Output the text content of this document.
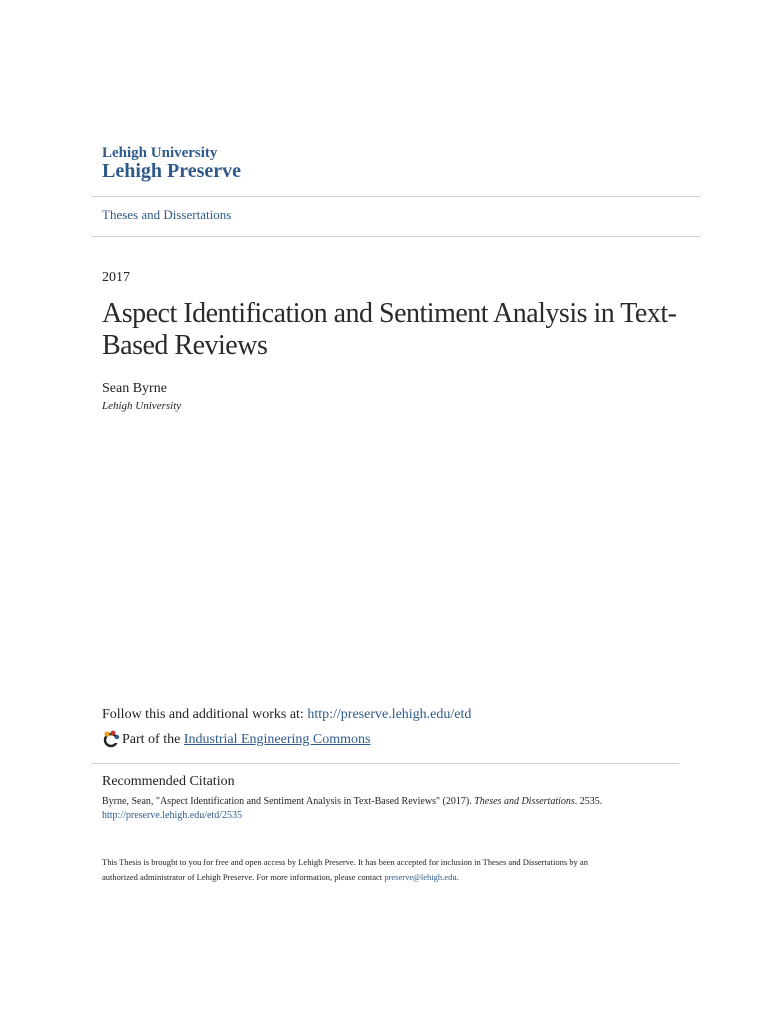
Lehigh University
Lehigh Preserve
Theses and Dissertations
2017
Aspect Identification and Sentiment Analysis in Text-Based Reviews
Sean Byrne
Lehigh University
Follow this and additional works at: http://preserve.lehigh.edu/etd
Part of the
Industrial Engineering Commons
Recommended Citation
Byrne, Sean, "Aspect Identification and Sentiment Analysis in Text-Based Reviews" (2017). Theses and Dissertations. 2535.
http://preserve.lehigh.edu/etd/2535
This Thesis is brought to you for free and open access by Lehigh Preserve. It has been accepted for inclusion in Theses and Dissertations by an
authorized administrator of Lehigh Preserve. For more information, please contact preserve@lehigh.edu.
